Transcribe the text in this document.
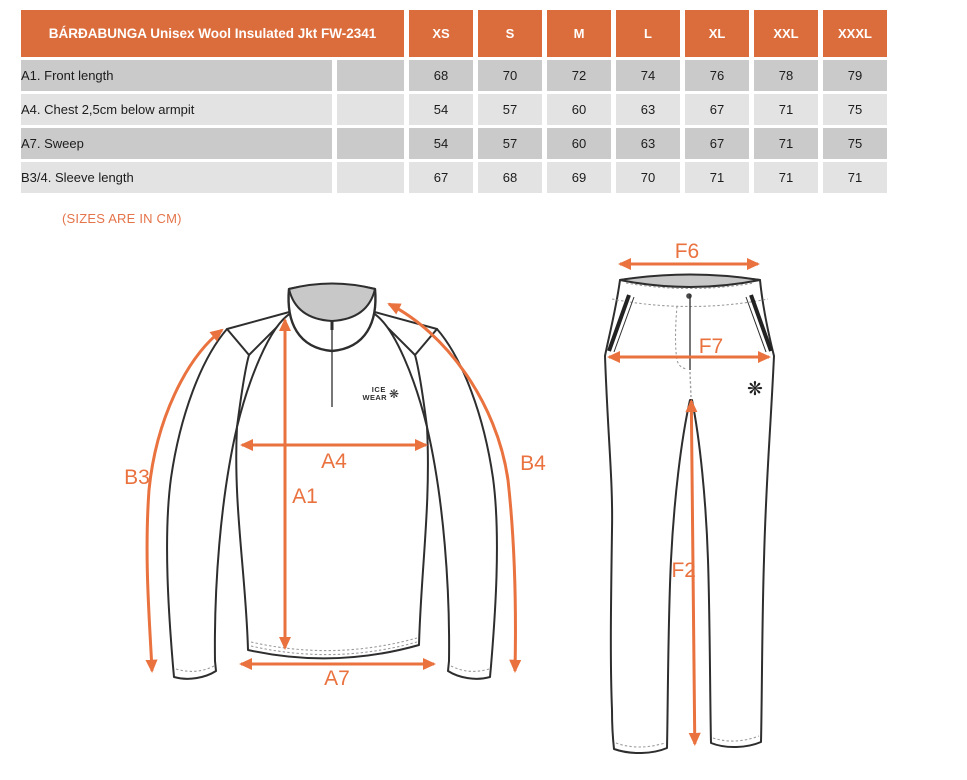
BÁRÐABUNGA Unisex Wool Insulated Jkt FW-2341		XS	S	M	L	XL	XXL	XXXL
A1. Front length		68	70	72	74	76	78	79
A4. Chest 2,5cm below armpit		54	57	60	63	67	71	75
A7. Sweep		54	57	60	63	67	71	75
B3/4. Sleeve length		67	68	69	70	71	71	71
(SIZES ARE IN CM)
ICE
WEAR ❋
A4
A1
A7
B3
B4
❋
F6
F7
F2
